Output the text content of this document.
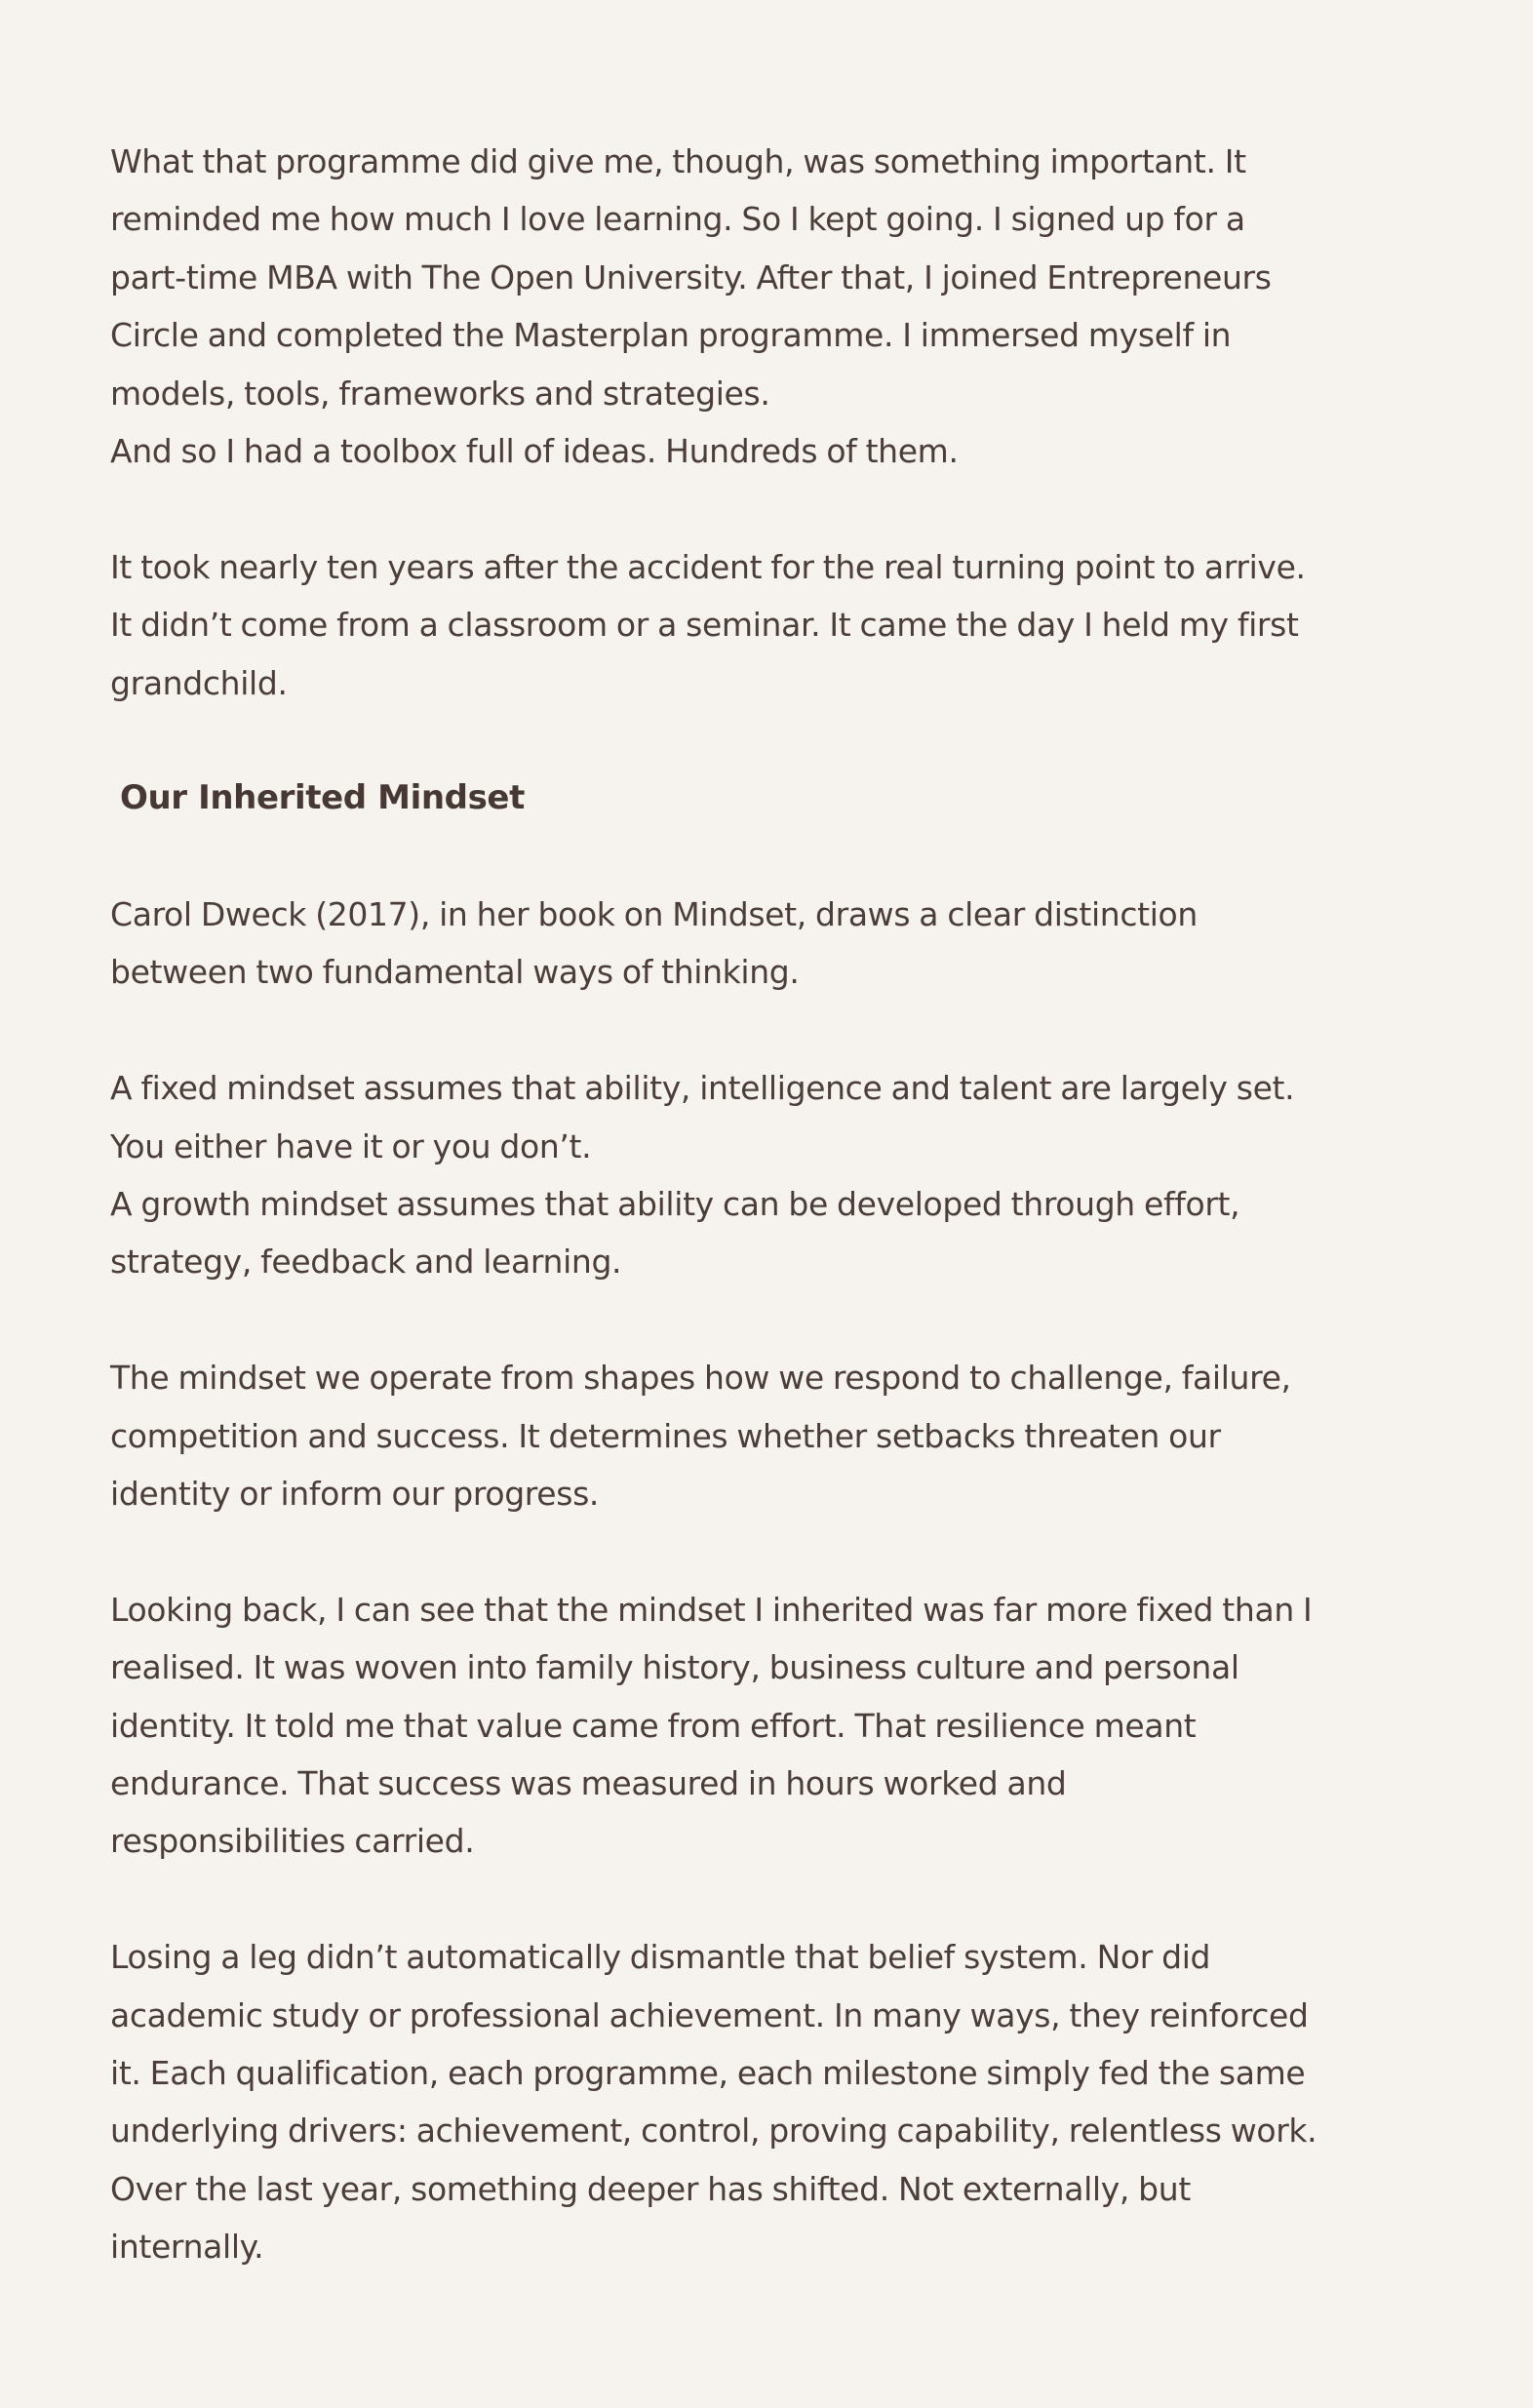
What that programme did give me, though, was something important. It
reminded me how much I love learning. So I kept going. I signed up for a
part-time MBA with The Open University. After that, I joined Entrepreneurs
Circle and completed the Masterplan programme. I immersed myself in
models, tools, frameworks and strategies.
And so I had a toolbox full of ideas. Hundreds of them.

It took nearly ten years after the accident for the real turning point to arrive.
It didn’t come from a classroom or a seminar. It came the day I held my first
grandchild.

Our Inherited Mindset

Carol Dweck (2017), in her book on Mindset, draws a clear distinction
between two fundamental ways of thinking.

A fixed mindset assumes that ability, intelligence and talent are largely set.
You either have it or you don’t.
A growth mindset assumes that ability can be developed through effort,
strategy, feedback and learning.

The mindset we operate from shapes how we respond to challenge, failure,
competition and success. It determines whether setbacks threaten our
identity or inform our progress.

Looking back, I can see that the mindset I inherited was far more fixed than I
realised. It was woven into family history, business culture and personal
identity. It told me that value came from effort. That resilience meant
endurance. That success was measured in hours worked and
responsibilities carried.

Losing a leg didn’t automatically dismantle that belief system. Nor did
academic study or professional achievement. In many ways, they reinforced
it. Each qualification, each programme, each milestone simply fed the same
underlying drivers: achievement, control, proving capability, relentless work.
Over the last year, something deeper has shifted. Not externally, but
internally.
